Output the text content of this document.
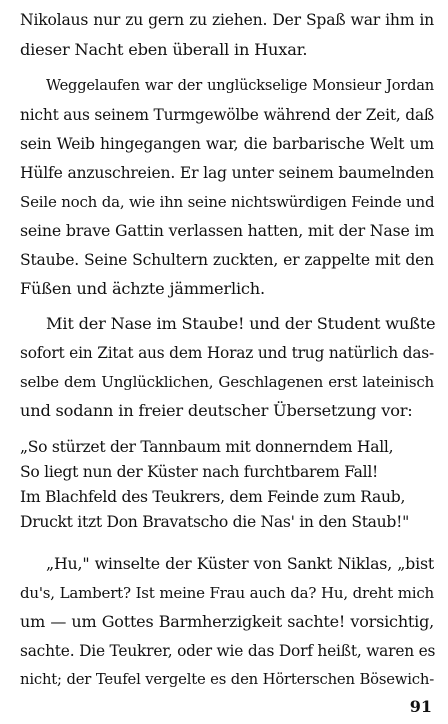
Nikolaus nur zu gern zu ziehen. Der Spaß war ihm in
dieser Nacht eben überall in Huxar.
Weggelaufen war der unglückselige Monsieur Jordan
nicht aus seinem Turmgewölbe während der Zeit, daß
sein Weib hingegangen war, die barbarische Welt um
Hülfe anzuschreien. Er lag unter seinem baumelnden
Seile noch da, wie ihn seine nichtswürdigen Feinde und
seine brave Gattin verlassen hatten, mit der Nase im
Staube. Seine Schultern zuckten, er zappelte mit den
Füßen und ächzte jämmerlich.
Mit der Nase im Staube! und der Student wußte
sofort ein Zitat aus dem Horaz und trug natürlich das-
selbe dem Unglücklichen, Geschlagenen erst lateinisch
und sodann in freier deutscher Übersetzung vor:
„So stürzet der Tannbaum mit donnerndem Hall,
So liegt nun der Küster nach furchtbarem Fall!
Im Blachfeld des Teukrers, dem Feinde zum Raub,
Druckt itzt Don Bravatscho die Nas' in den Staub!"
„Hu," winselte der Küster von Sankt Niklas, „bist
du's, Lambert? Ist meine Frau auch da? Hu, dreht mich
um — um Gottes Barmherzigkeit sachte! vorsichtig,
sachte. Die Teukrer, oder wie das Dorf heißt, waren es
nicht; der Teufel vergelte es den Hörterschen Bösewich-
91
